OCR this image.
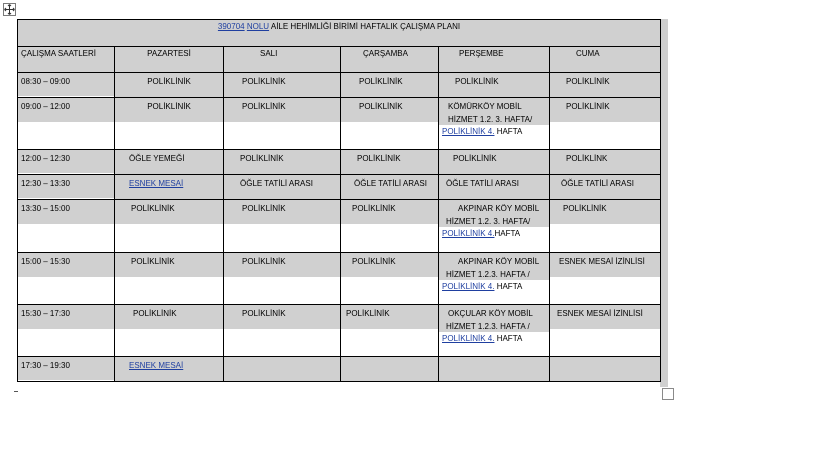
390704 NOLU AİLE HEHİMLİĞİ BİRİMİ HAFTALIK ÇALIŞMA PLANI					
ÇALIŞMA SAATLERİ	PAZARTESİ	SALI	ÇARŞAMBA	PERŞEMBE	CUMA

08:30 – 09:00	POLİKLİNİK	POLİKLİNİK	POLİKLİNİK	POLİKLİNİK	POLİKLİNİK

09:00 – 12:00	POLİKLİNİK	POLİKLİNİK	POLİKLİNİK	KÖMÜRKÖY MOBİL
HİZMET 1.2. 3. HAFTA/
POLİKLİNİK 4. HAFTA	POLİKLİNİK

12:00 – 12:30	ÖĞLE YEMEĞİ	POLİKLİNİK	POLİKLİNİK	POLİKLİNİK	POLİKLİNK

12:30 – 13:30	ESNEK MESAİ	ÖĞLE TATİLİ ARASI	ÖĞLE TATİLİ ARASI	ÖĞLE TATİLİ ARASI	ÖĞLE TATİLİ ARASI

13:30 – 15:00	POLİKLİNİK	POLİKLİNİK	POLİKLİNİK	AKPINAR KÖY MOBİL
HİZMET 1.2. 3. HAFTA/
POLİKLİNİK 4.HAFTA	POLİKLİNİK

15:00 – 15:30	POLİKLİNİK	POLİKLİNİK	POLİKLİNİK	AKPINAR KÖY MOBİL
HİZMET 1.2.3. HAFTA /
POLİKLİNİK 4. HAFTA	ESNEK MESAİ İZİNLİSİ

15:30 – 17:30	POLİKLİNİK	POLİKLİNİK	POLİKLİNİK	OKÇULAR KÖY MOBİL
HİZMET 1.2.3. HAFTA /
POLİKLİNİK 4. HAFTA	ESNEK MESAİ İZİNLİSİ

17:30 – 19:30	ESNEK MESAİ				
